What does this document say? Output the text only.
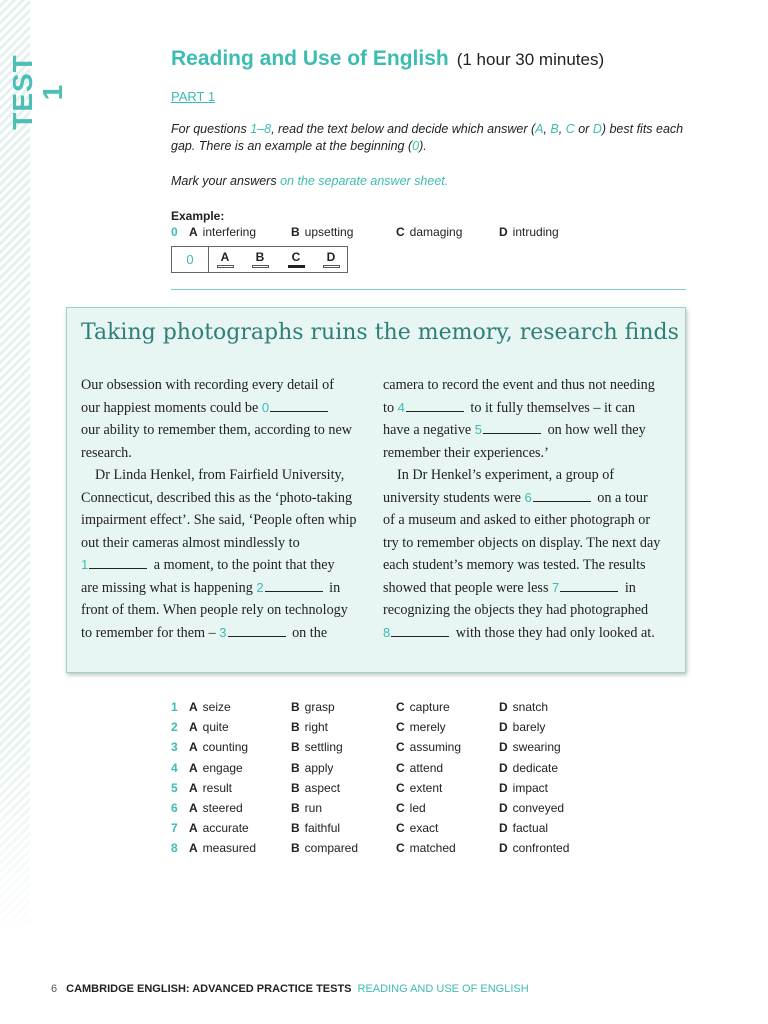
TEST 1
Reading and Use of English (1 hour 30 minutes)
PART 1
For questions 1–8, read the text below and decide which answer (A, B, C or D) best fits each
gap. There is an example at the beginning (0).
Mark your answers on the separate answer sheet.
Example:
0 A interfering	B upsetting	C damaging	D intruding
0	A	B	C	D
Taking photographs ruins the memory, research finds
Our obsession with recording every detail of
our happiest moments could be 0
our ability to remember them, according to new
research.
Dr Linda Henkel, from Fairfield University,
Connecticut, described this as the ‘photo-taking
impairment effect’. She said, ‘People often whip
out their cameras almost mindlessly to
1	a moment, to the point that they
are missing what is happening 2	in
front of them. When people rely on technology
to remember for them – 3	on the
camera to record the event and thus not needing
to 4	to it fully themselves – it can
have a negative 5	on how well they
remember their experiences.’
In Dr Henkel’s experiment, a group of
university students were 6	on a tour
of a museum and asked to either photograph or
try to remember objects on display. The next day
each student’s memory was tested. The results
showed that people were less 7	in
recognizing the objects they had photographed
8	with those they had only looked at.
1 A seize	B grasp	C capture	D snatch
2 A quite	B right	C merely	D barely
3 A counting	B settling	C assuming	D swearing
4 A engage	B apply	C attend	D dedicate
5 A result	B aspect	C extent	D impact
6 A steered	B run	C led	D conveyed
7 A accurate	B faithful	C exact	D factual
8 A measured	B compared	C matched	D confronted
6 CAMBRIDGE ENGLISH: ADVANCED PRACTICE TESTS READING AND USE OF ENGLISH
